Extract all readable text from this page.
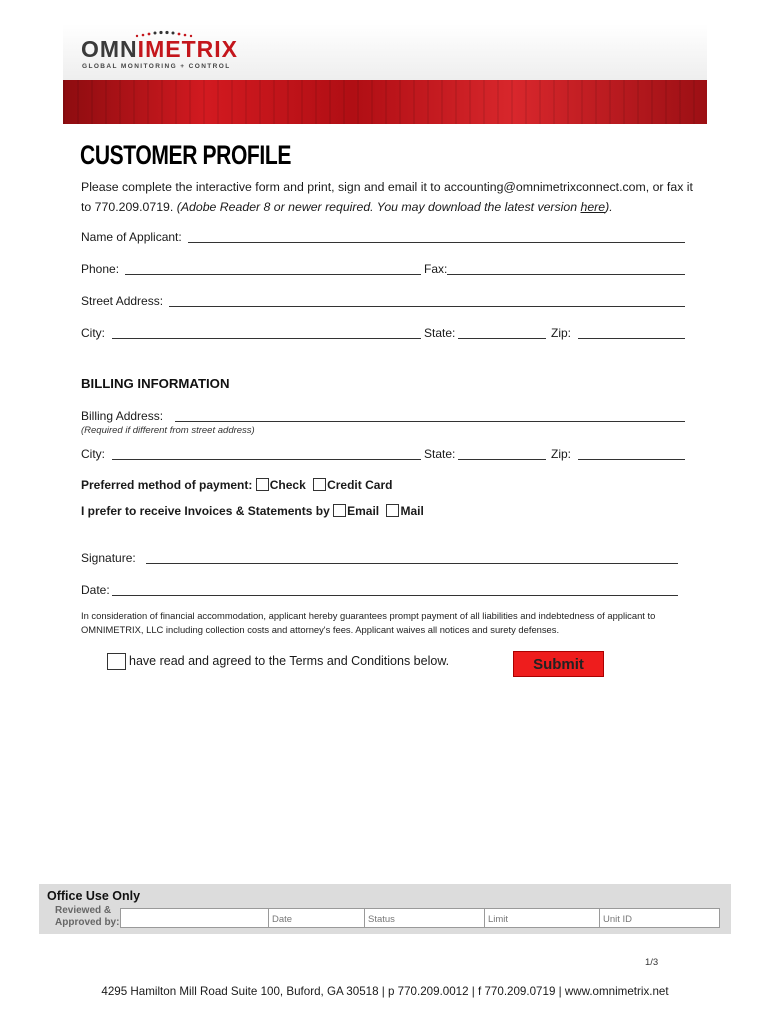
OMNIMETRIX
GLOBAL MONITORING + CONTROL
CUSTOMER PROFILE
Please complete the interactive form and print, sign and email it to accounting@omnimetrixconnect.com, or fax it to 770.209.0719. (Adobe Reader 8 or newer required. You may download the latest version here).
Name of Applicant:
Phone:	Fax:
Street Address:
City:	State:	Zip:
BILLING INFORMATION
Billing Address:
(Required if different from street address)
City:	State:	Zip:
Preferred method of payment: Check Credit Card
I prefer to receive Invoices & Statements by Email Mail
Signature:
Date:
In consideration of financial accommodation, applicant hereby guarantees prompt payment of all liabilities and indebtedness of applicant to OMNIMETRIX, LLC including collection costs and attorney's fees. Applicant waives all notices and surety defenses.
have read and agreed to the Terms and Conditions below.	Submit
Office Use Only
Reviewed &
Approved by:	Date	Status	Limit	Unit ID
1/3
4295 Hamilton Mill Road Suite 100, Buford, GA 30518 | p 770.209.0012 | f 770.209.0719 | www.omnimetrix.net
